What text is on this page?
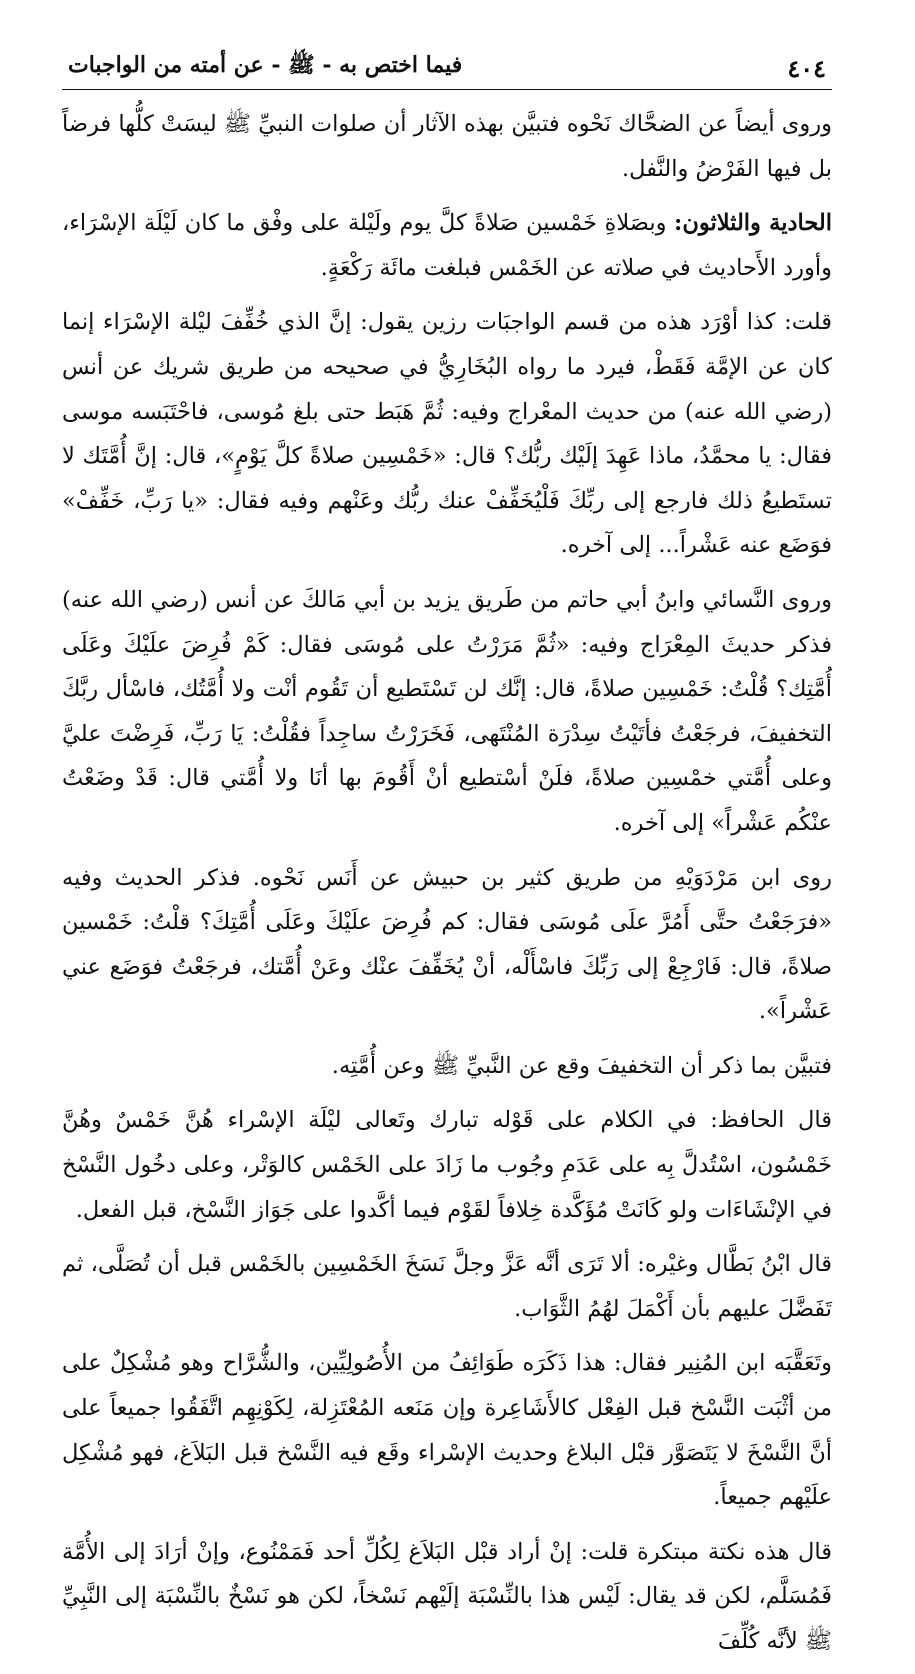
٤٠٤
فيما اختص به - ﷺ - عن أمته من الواجبات

وروى أيضاً عن الضحَّاك نَحْوه فتبيَّن بهذه الآثار أن صلوات النبيِّ ﷺ ليسَتْ كلُّها فرضاً بل فيها الفَرْضُ والنَّفل.

الحادية والثلاثون: وبصَلاةِ خَمْسين صَلاةً كلَّ يوم ولَيْلة على وفْق ما كان لَيْلَة الإسْرَاء، وأورد الأَحاديث في صلاته عن الخَمْس فبلغت مائَة رَكْعَةٍ.

قلت: كذا أوْرَد هذه من قسم الواجبَات رزين يقول: إنَّ الذي خُفِّفَ ليْلة الإسْرَاء إنما كان عن الإمَّة فَقَطْ، فيرد ما رواه البُخَارِيُّ في صحيحه من طريق شريك عن أنس (رضي الله عنه) من حديث المعْراج وفيه: ثُمَّ هَبَط حتى بلغ مُوسى، فاحْتَبَسه موسى فقال: يا محمَّدُ، ماذا عَهِدَ إلَيْك ربُّك؟ قال: «خَمْسِين صلاةً كلَّ يَوْمٍ»، قال: إنَّ أُمَّتَك لا تستَطيعُ ذلك فارجع إلى ربِّكَ فَلْيُخَفِّفْ عنك ربُّك وعَنْهم وفيه فقال: «يا رَبِّ، خَفِّفْ» فوَضَع عنه عَشْراً... إلى آخره.

وروى النَّسائي وابنُ أبي حاتم من طَريق يزيد بن أبي مَالكَ عن أنس (رضي الله عنه) فذكر حديثَ المِعْرَاج وفيه: «ثُمَّ مَرَرْتُ على مُوسَى فقال: كَمْ فُرِضَ علَيْكَ وعَلَى أُمَّتِك؟ قُلْتُ: خَمْسِين صلاةً، قال: إنَّك لن تَسْتَطيع أن تَقُوم أنْت ولا أُمَّتُك، فاسْأل ربَّكَ التخفيفَ، فرجَعْتُ فأتَيْتُ سِدْرَة المُنْتَهى، فَخَرَرْتُ ساجِداً فقُلْتُ: يَا رَبِّ، فَرِضْتَ عليَّ وعلى أُمَّتي خمْسِين صلاةً، فلَنْ أسْتطيع أنْ أَقُومَ بها أنَا ولا أُمَّتي قال: قَدْ وضَعْتُ عنْكُم عَشْراً» إلى آخره.

روى ابن مَرْدَوَيْهِ من طريق كثير بن حبيش عن أَنَس نَحْوه. فذكر الحديث وفيه «فرَجَعْتُ حتَّى أَمُرَّ علَى مُوسَى فقال: كم فُرِضَ علَيْكَ وعَلَى أُمَّتِكَ؟ قلْتُ: خَمْسين صلاةً، قال: فَارْجِعْ إلى رَبِّكَ فاسْأَلْه، أنْ يُخَفِّفَ عنْك وعَنْ أُمَّتك، فرجَعْتُ فوَضَع عني عَشْراً».

فتبيَّن بما ذكر أن التخفيفَ وقع عن النَّبيِّ ﷺ وعن أُمَّتِه.

قال الحافظ: في الكلام على قَوْله تبارك وتَعالى ليْلَة الإسْراء هُنَّ خَمْسٌ وهُنَّ خَمْسُون، اسْتُدلَّ بِه على عَدَمِ وجُوب ما زَادَ على الخَمْس كالوَتْر، وعلى دخُول النَّسْخ في الإنْشَاءَات ولو كَانَتْ مُؤَكَّدة خِلافاً لقَوْم فيما أكَّدوا على جَوَاز النَّسْخ، قبل الفعل.

قال ابْنُ بَطَّال وغيْره: ألا تَرَى أنَّه عَزَّ وجلَّ نَسَخَ الخَمْسِين بالخَمْس قبل أن تُصَلَّى، ثم تَفَضَّلَ عليهم بأن أَكْمَلَ لهُمُ الثَّوَاب.

وتَعَقَّبَه ابن المُنِير فقال: هذا ذَكَرَه طَوَائِفُ من الأُصُولِيِّين، والشُّرَّاح وهو مُشْكِلٌ على من أثْبَت النَّسْخ قبل الفِعْل كالأَشَاعِرة وإن مَنَعه المُعْتَزِلة، لِكَوْنِهِم اتَّفَقُوا جميعاً على أنَّ النَّسْخَ لا يَتَصَوَّر قبْل البلاغ وحديث الإسْراء وقَع فيه النَّسْخ قبل البَلاَغ، فهو مُشْكِل علَيْهم جميعاً.

قال هذه نكتة مبتكرة قلت: إنْ أراد قبْل البَلاَغ لِكُلِّ أحد فَمَمْنُوع، وإنْ أرَادَ إلى الأُمَّة فَمُسَلَّم، لكن قد يقال: لَيْس هذا بالنِّسْبَة إلَيْهم نَسْخاً، لكن هو نَسْخٌ بالنِّسْبَة إلى النَّبِيِّ ﷺ لأنَّه كُلِّفَ
